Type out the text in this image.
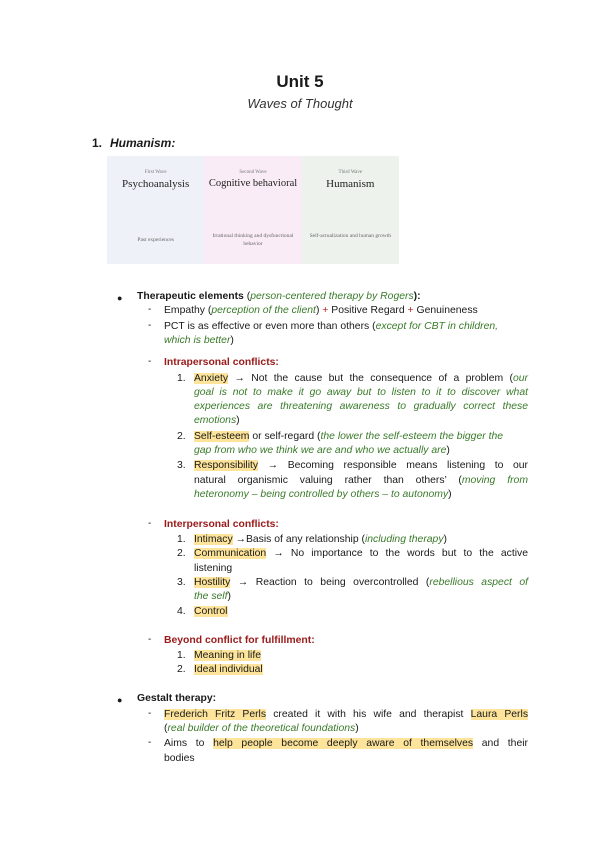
Unit 5
Waves of Thought
1. Humanism:
First Wave
Psychoanalysis
Past experiences
Second Wave
Cognitive behavioral
Irrational thinking and dysfunctional behavior
Third Wave
Humanism
Self-actualization and human growth
● Therapeutic elements (person-centered therapy by Rogers):
- Empathy (perception of the client) + Positive Regard + Genuineness
- PCT is as effective or even more than others (except for CBT in children,
which is better)
- Intrapersonal conflicts:
1. Anxiety → Not the cause but the consequence of a problem (our
goal is not to make it go away but to listen to it to discover what
experiences are threatening awareness to gradually correct these
emotions)
2. Self-esteem or self-regard (the lower the self-esteem the bigger the
gap from who we think we are and who we actually are)
3. Responsibility → Becoming responsible means listening to our
natural organismic valuing rather than others’ (moving from
heteronomy – being controlled by others – to autonomy)
- Interpersonal conflicts:
1. Intimacy →Basis of any relationship (including therapy)
2. Communication → No importance to the words but to the active
listening
3. Hostility → Reaction to being overcontrolled (rebellious aspect of
the self)
4. Control
- Beyond conflict for fulfillment:
1. Meaning in life
2. Ideal individual
● Gestalt therapy:
- Frederich Fritz Perls created it with his wife and therapist Laura Perls
(real builder of the theoretical foundations)
- Aims to help people become deeply aware of themselves and their
bodies
